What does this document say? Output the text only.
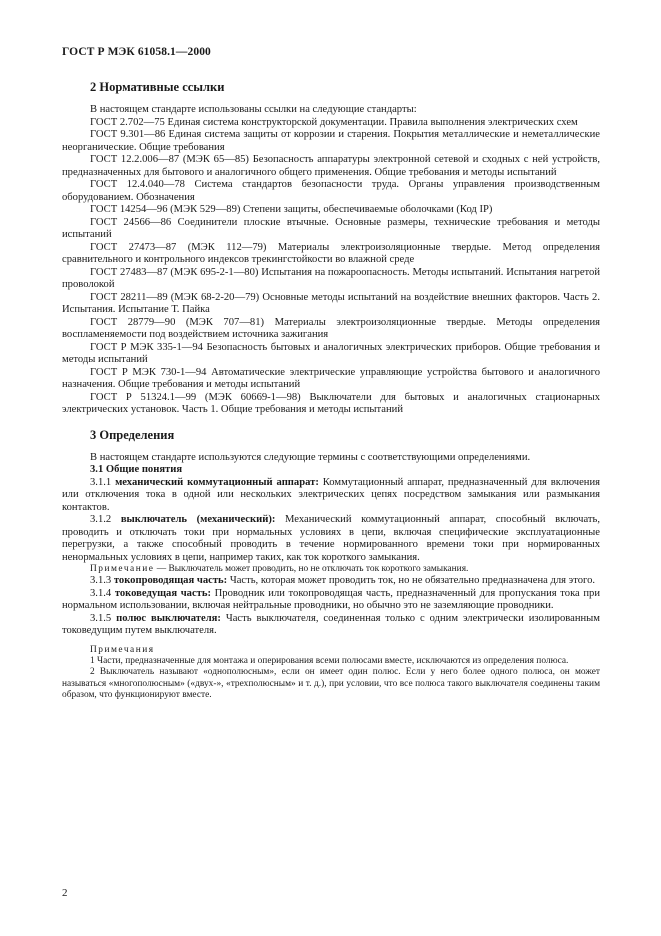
ГОСТ Р МЭК 61058.1—2000
2 Нормативные ссылки

В настоящем стандарте использованы ссылки на следующие стандарты:

ГОСТ 2.702—75 Единая система конструкторской документации. Правила выполнения электрических схем

ГОСТ 9.301—86 Единая система защиты от коррозии и старения. Покрытия металлические и неметаллические неорганические. Общие требования

ГОСТ 12.2.006—87 (МЭК 65—85) Безопасность аппаратуры электронной сетевой и сходных с ней устройств, предназначенных для бытового и аналогичного общего применения. Общие требования и методы испытаний

ГОСТ 12.4.040—78 Система стандартов безопасности труда. Органы управления производственным оборудованием. Обозначения

ГОСТ 14254—96 (МЭК 529—89) Степени защиты, обеспечиваемые оболочками (Код IP)

ГОСТ 24566—86 Соединители плоские втычные. Основные размеры, технические требования и методы испытаний

ГОСТ 27473—87 (МЭК 112—79) Материалы электроизоляционные твердые. Метод определения сравнительного и контрольного индексов трекингстойкости во влажной среде

ГОСТ 27483—87 (МЭК 695-2-1—80) Испытания на пожароопасность. Методы испытаний. Испытания нагретой проволокой

ГОСТ 28211—89 (МЭК 68-2-20—79) Основные методы испытаний на воздействие внешних факторов. Часть 2. Испытания. Испытание Т. Пайка

ГОСТ 28779—90 (МЭК 707—81) Материалы электроизоляционные твердые. Методы определения воспламеняемости под воздействием источника зажигания

ГОСТ Р МЭК 335-1—94 Безопасность бытовых и аналогичных электрических приборов. Общие требования и методы испытаний

ГОСТ Р МЭК 730-1—94 Автоматические электрические управляющие устройства бытового и аналогичного назначения. Общие требования и методы испытаний

ГОСТ Р 51324.1—99 (МЭК 60669-1—98) Выключатели для бытовых и аналогичных стационарных электрических установок. Часть 1. Общие требования и методы испытаний

3 Определения

В настоящем стандарте используются следующие термины с соответствующими определениями.

3.1 Общие понятия

3.1.1 механический коммутационный аппарат: Коммутационный аппарат, предназначенный для включения или отключения тока в одной или нескольких электрических цепях посредством замыкания или размыкания контактов.

3.1.2 выключатель (механический): Механический коммутационный аппарат, способный включать, проводить и отключать токи при нормальных условиях в цепи, включая специфические эксплуатационные перегрузки, а также способный проводить в течение нормированного времени токи при нормированных ненормальных условиях в цепи, например таких, как ток короткого замыкания.

Примечание — Выключатель может проводить, но не отключать ток короткого замыкания.

3.1.3 токопроводящая часть: Часть, которая может проводить ток, но не обязательно предназначена для этого.

3.1.4 токоведущая часть: Проводник или токопроводящая часть, предназначенный для пропускания тока при нормальном использовании, включая нейтральные проводники, но обычно это не заземляющие проводники.

3.1.5 полюс выключателя: Часть выключателя, соединенная только с одним электрически изолированным токоведущим путем выключателя.

Примечания

1 Части, предназначенные для монтажа и оперирования всеми полюсами вместе, исключаются из определения полюса.

2 Выключатель называют «однополюсным», если он имеет один полюс. Если у него более одного полюса, он может называться «многополюсным» («двух-», «трехполюсным» и т. д.), при условии, что все полюса такого выключателя соединены таким образом, что функционируют вместе.

2
